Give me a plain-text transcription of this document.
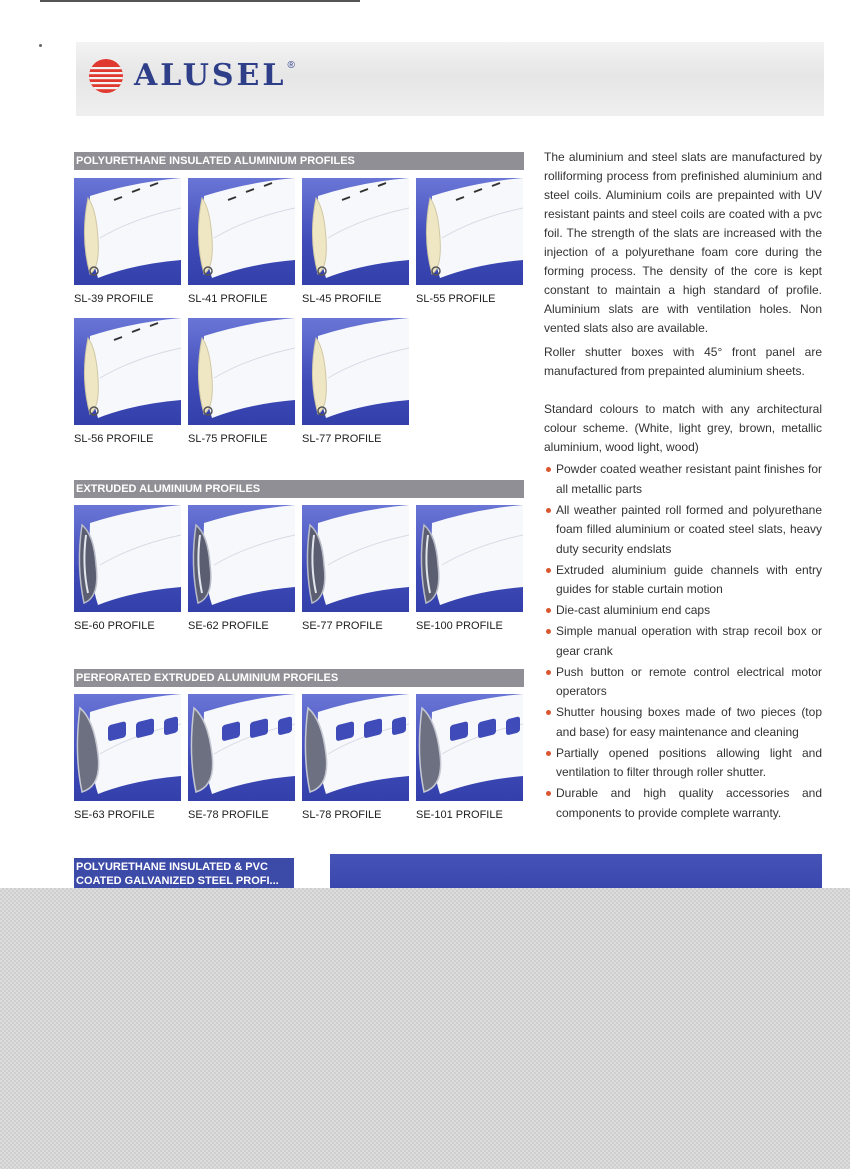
ALUSEL ®
POLYURETHANE INSULATED ALUMINIUM PROFILES
SL-39 PROFILE	SL-41 PROFILE	SL-45 PROFILE	SL-55 PROFILE
SL-56 PROFILE	SL-75 PROFILE	SL-77 PROFILE
EXTRUDED ALUMINIUM PROFILES
SE-60 PROFILE	SE-62 PROFILE	SE-77 PROFILE	SE-100 PROFILE
PERFORATED EXTRUDED ALUMINIUM PROFILES
SE-63 PROFILE	SE-78 PROFILE	SL-78 PROFILE	SE-101 PROFILE

The aluminium and steel slats are manufactured by rolliforming process from prefinished aluminium and steel coils. Aluminium coils are prepainted with UV resistant paints and steel coils are coated with a pvc foil. The strength of the slats are increased with the injection of a polyurethane foam core during the forming process. The density of the core is kept constant to maintain a high standard of profile. Aluminium slats are with ventilation holes. Non vented slats also are available.

Roller shutter boxes with 45° front panel are manufactured from prepainted aluminium sheets.

Standard colours to match with any architectural colour scheme. (White, light grey, brown, metallic aluminium, wood light, wood)

Powder coated weather resistant paint finishes for all metallic parts
All weather painted roll formed and polyurethane foam filled aluminium or coated steel slats, heavy duty security endslats
Extruded aluminium guide channels with entry guides for stable curtain motion
Die-cast aluminium end caps
Simple manual operation with strap recoil box or gear crank
Push button or remote control electrical motor operators
Shutter housing boxes made of two pieces (top and base) for easy maintenance and cleaning
Partially opened positions allowing light and ventilation to filter through roller shutter.
Durable and high quality accessories and components to provide complete warranty.
POLYURETHANE INSULATED & PVC COATED GALVANIZED STEEL PROFI...
